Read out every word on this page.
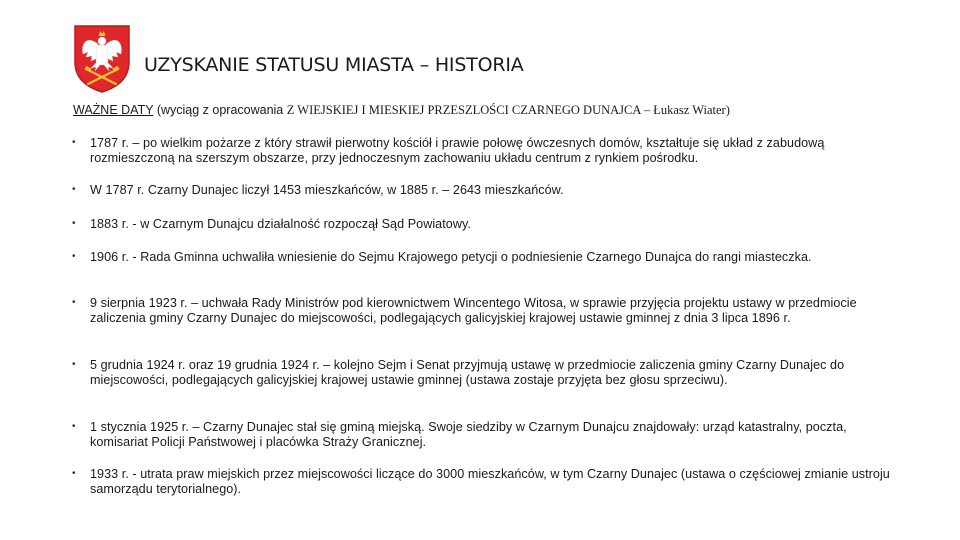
UZYSKANIE STATUSU MIASTA – HISTORIA
WAŻNE DATY (wyciąg z opracowania Z WIEJSKIEJ I MIESKIEJ PRZESZLOŚCI CZARNEGO DUNAJCA – Łukasz Wiater)
• 1787 r. – po wielkim pożarze z który strawił pierwotny kościół i prawie połowę ówczesnych domów, kształtuje się układ z zabudową rozmieszczoną na szerszym obszarze, przy jednoczesnym zachowaniu układu centrum z rynkiem pośrodku.
• W 1787 r. Czarny Dunajec liczył 1453 mieszkańców, w 1885 r. – 2643 mieszkańców.
• 1883 r. - w Czarnym Dunajcu działalność rozpoczął Sąd Powiatowy.
• 1906 r. - Rada Gminna uchwaliła wniesienie do Sejmu Krajowego petycji o podniesienie Czarnego Dunajca do rangi miasteczka.
• 9 sierpnia 1923 r. – uchwała Rady Ministrów pod kierownictwem Wincentego Witosa, w sprawie przyjęcia projektu ustawy w przedmiocie zaliczenia gminy Czarny Dunajec do miejscowości, podlegających galicyjskiej krajowej ustawie gminnej z dnia 3 lipca 1896 r.
• 5 grudnia 1924 r. oraz 19 grudnia 1924 r. – kolejno Sejm i Senat przyjmują ustawę w przedmiocie zaliczenia gminy Czarny Dunajec do miejscowości, podlegających galicyjskiej krajowej ustawie gminnej (ustawa zostaje przyjęta bez głosu sprzeciwu).
• 1 stycznia 1925 r. – Czarny Dunajec stał się gminą miejską. Swoje siedziby w Czarnym Dunajcu znajdowały: urząd katastralny, poczta, komisariat Policji Państwowej i placówka Straży Granicznej.
• 1933 r. - utrata praw miejskich przez miejscowości liczące do 3000 mieszkańców, w tym Czarny Dunajec (ustawa o częściowej zmianie ustroju samorządu terytorialnego).
